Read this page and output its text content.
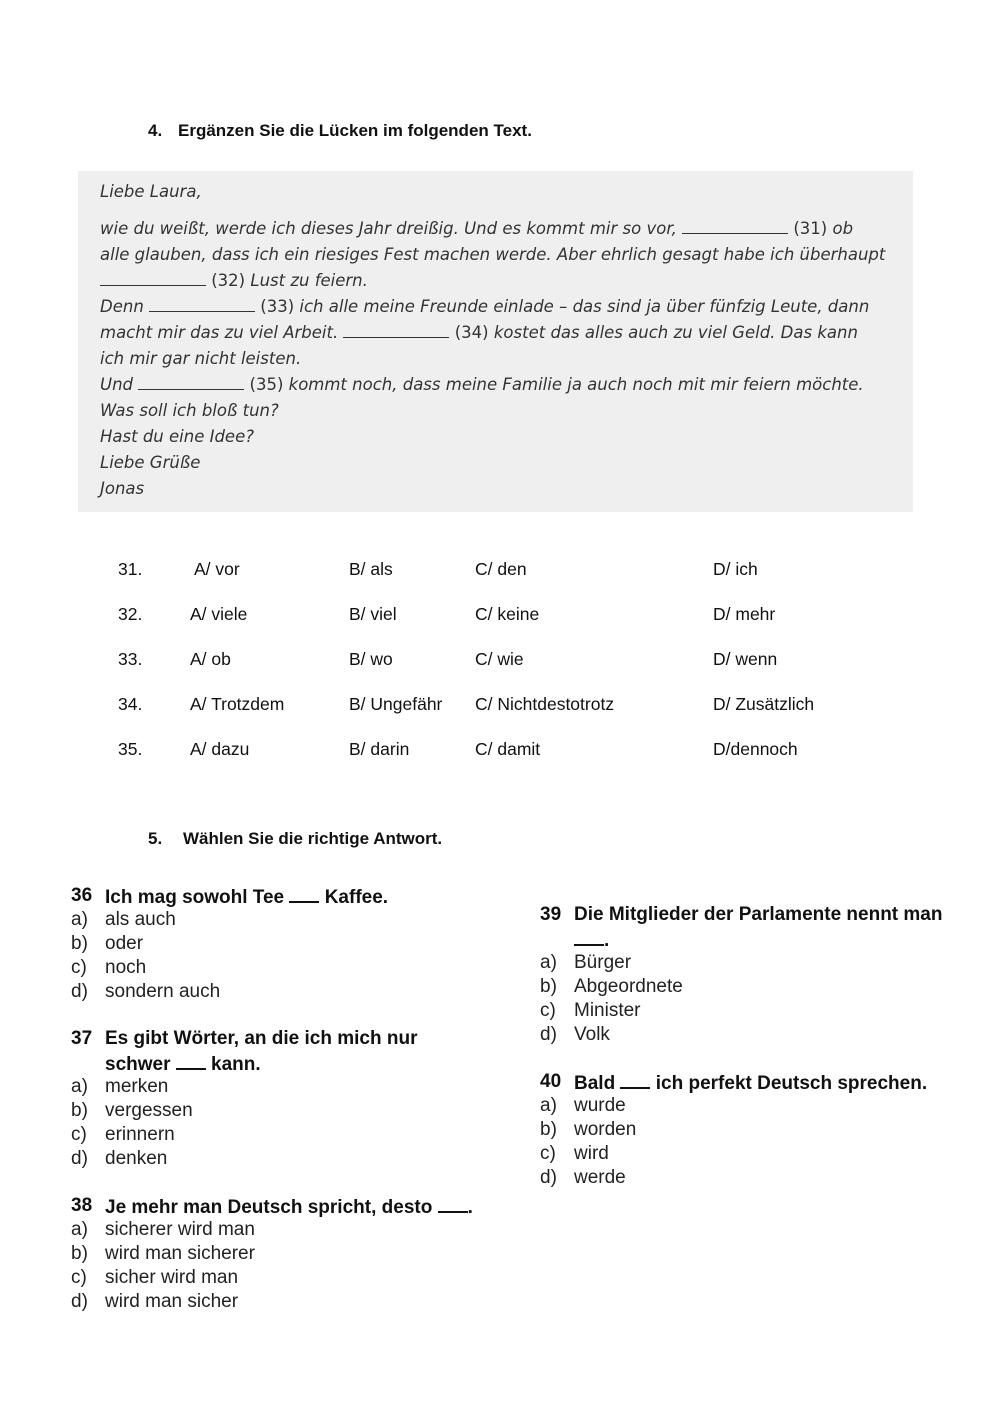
4. Ergänzen Sie die Lücken im folgenden Text.
Liebe Laura,
wie du weißt, werde ich dieses Jahr dreißig. Und es kommt mir so vor,	(31) ob
alle glauben, dass ich ein riesiges Fest machen werde. Aber ehrlich gesagt habe ich überhaupt
(32) Lust zu feiern.
Denn	(33) ich alle meine Freunde einlade – das sind ja über fünfzig Leute, dann
macht mir das zu viel Arbeit.	(34) kostet das alles auch zu viel Geld. Das kann
ich mir gar nicht leisten.
Und	(35) kommt noch, dass meine Familie ja auch noch mit mir feiern möchte.
Was soll ich bloß tun?
Hast du eine Idee?
Liebe Grüße
Jonas
31.	A/ vor	B/ als	C/ den	D/ ich
32.	A/ viele	B/ viel	C/ keine	D/ mehr
33.	A/ ob	B/ wo	C/ wie	D/ wenn
34.	A/ Trotzdem	B/ Ungefähr C/ Nichtdestotrotz	D/ Zusätzlich
35.	A/ dazu	B/ darin	C/ damit	D/dennoch
5. Wählen Sie die richtige Antwort.
36 Ich mag sowohl Tee Kaffee.
a) als auch
b) oder
c) noch
d) sondern auch
37 Es gibt Wörter, an die ich mich nur
schwer kann.
a) merken
b) vergessen
c) erinnern
d) denken
38 Je mehr man Deutsch spricht, desto .
a) sicherer wird man
b) wird man sicherer
c) sicher wird man
d) wird man sicher
39 Die Mitglieder der Parlamente nennt man
.
a) Bürger
b) Abgeordnete
c) Minister
d) Volk
40 Bald ich perfekt Deutsch sprechen.
a) wurde
b) worden
c) wird
d) werde
